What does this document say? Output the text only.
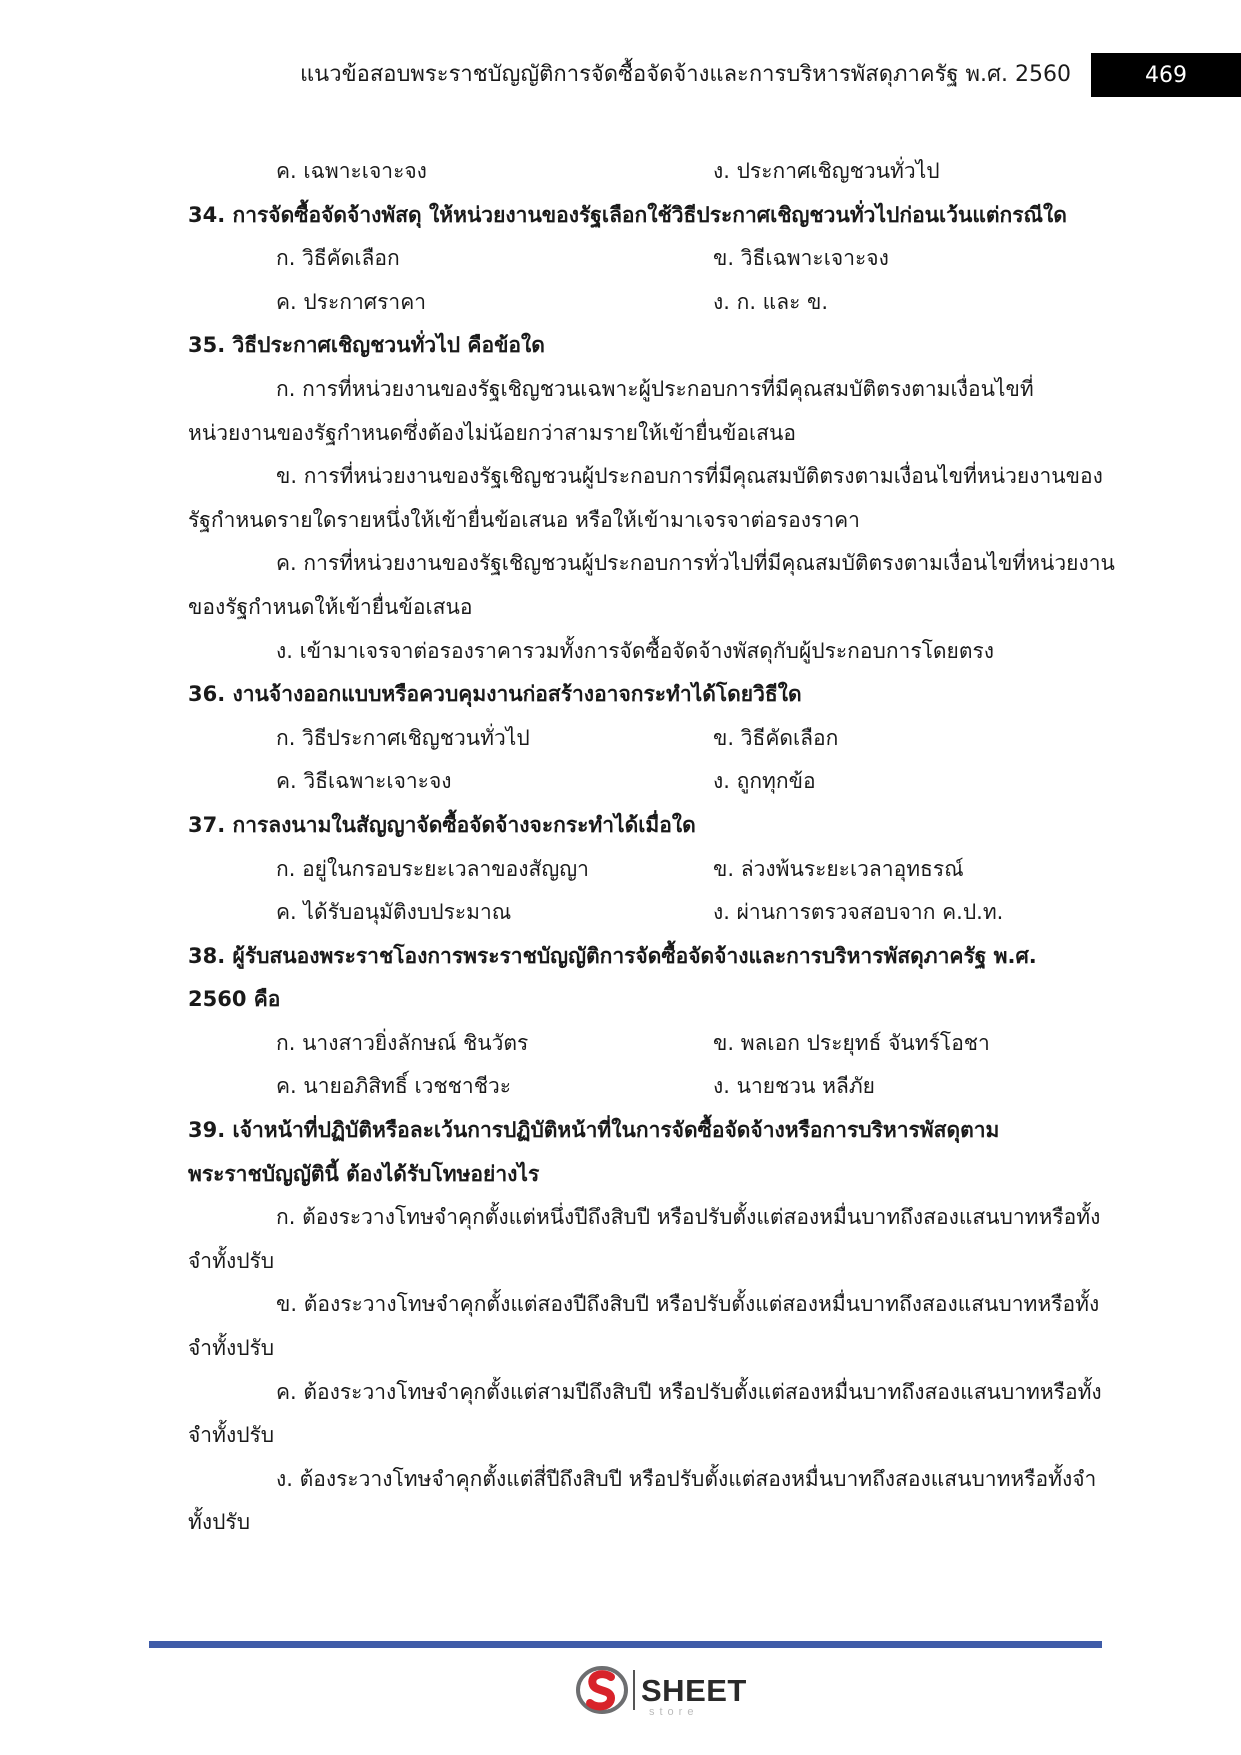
แนวข้อสอบพระราชบัญญัติการจัดซื้อจัดจ้างและการบริหารพัสดุภาครัฐ พ.ศ. 2560	469
ค. เฉพาะเจาะจง	ง. ประกาศเชิญชวนทั่วไป
34. การจัดซื้อจัดจ้างพัสดุ ให้หน่วยงานของรัฐเลือกใช้วิธีประกาศเชิญชวนทั่วไปก่อนเว้นแต่กรณีใด
ก. วิธีคัดเลือก	ข. วิธีเฉพาะเจาะจง
ค. ประกาศราคา	ง. ก. และ ข.
35. วิธีประกาศเชิญชวนทั่วไป คือข้อใด
ก. การที่หน่วยงานของรัฐเชิญชวนเฉพาะผู้ประกอบการที่มีคุณสมบัติตรงตามเงื่อนไขที่
หน่วยงานของรัฐกำหนดซึ่งต้องไม่น้อยกว่าสามรายให้เข้ายื่นข้อเสนอ
ข. การที่หน่วยงานของรัฐเชิญชวนผู้ประกอบการที่มีคุณสมบัติตรงตามเงื่อนไขที่หน่วยงานของ
รัฐกำหนดรายใดรายหนึ่งให้เข้ายื่นข้อเสนอ หรือให้เข้ามาเจรจาต่อรองราคา
ค. การที่หน่วยงานของรัฐเชิญชวนผู้ประกอบการทั่วไปที่มีคุณสมบัติตรงตามเงื่อนไขที่หน่วยงาน
ของรัฐกำหนดให้เข้ายื่นข้อเสนอ
ง. เข้ามาเจรจาต่อรองราคารวมทั้งการจัดซื้อจัดจ้างพัสดุกับผู้ประกอบการโดยตรง
36. งานจ้างออกแบบหรือควบคุมงานก่อสร้างอาจกระทำได้โดยวิธีใด
ก. วิธีประกาศเชิญชวนทั่วไป	ข. วิธีคัดเลือก
ค. วิธีเฉพาะเจาะจง	ง. ถูกทุกข้อ
37. การลงนามในสัญญาจัดซื้อจัดจ้างจะกระทำได้เมื่อใด
ก. อยู่ในกรอบระยะเวลาของสัญญา	ข. ล่วงพ้นระยะเวลาอุทธรณ์
ค. ได้รับอนุมัติงบประมาณ	ง. ผ่านการตรวจสอบจาก ค.ป.ท.
38. ผู้รับสนองพระราชโองการพระราชบัญญัติการจัดซื้อจัดจ้างและการบริหารพัสดุภาครัฐ พ.ศ.
2560 คือ
ก. นางสาวยิ่งลักษณ์ ชินวัตร	ข. พลเอก ประยุทธ์ จันทร์โอชา
ค. นายอภิสิทธิ์ เวชชาชีวะ	ง. นายชวน หลีภัย
39. เจ้าหน้าที่ปฏิบัติหรือละเว้นการปฏิบัติหน้าที่ในการจัดซื้อจัดจ้างหรือการบริหารพัสดุตาม
พระราชบัญญัตินี้ ต้องได้รับโทษอย่างไร
ก. ต้องระวางโทษจำคุกตั้งแต่หนึ่งปีถึงสิบปี หรือปรับตั้งแต่สองหมื่นบาทถึงสองแสนบาทหรือทั้ง
จำทั้งปรับ
ข. ต้องระวางโทษจำคุกตั้งแต่สองปีถึงสิบปี หรือปรับตั้งแต่สองหมื่นบาทถึงสองแสนบาทหรือทั้ง
จำทั้งปรับ
ค. ต้องระวางโทษจำคุกตั้งแต่สามปีถึงสิบปี หรือปรับตั้งแต่สองหมื่นบาทถึงสองแสนบาทหรือทั้ง
จำทั้งปรับ
ง. ต้องระวางโทษจำคุกตั้งแต่สี่ปีถึงสิบปี หรือปรับตั้งแต่สองหมื่นบาทถึงสองแสนบาทหรือทั้งจำ
ทั้งปรับ
SHEET
store
